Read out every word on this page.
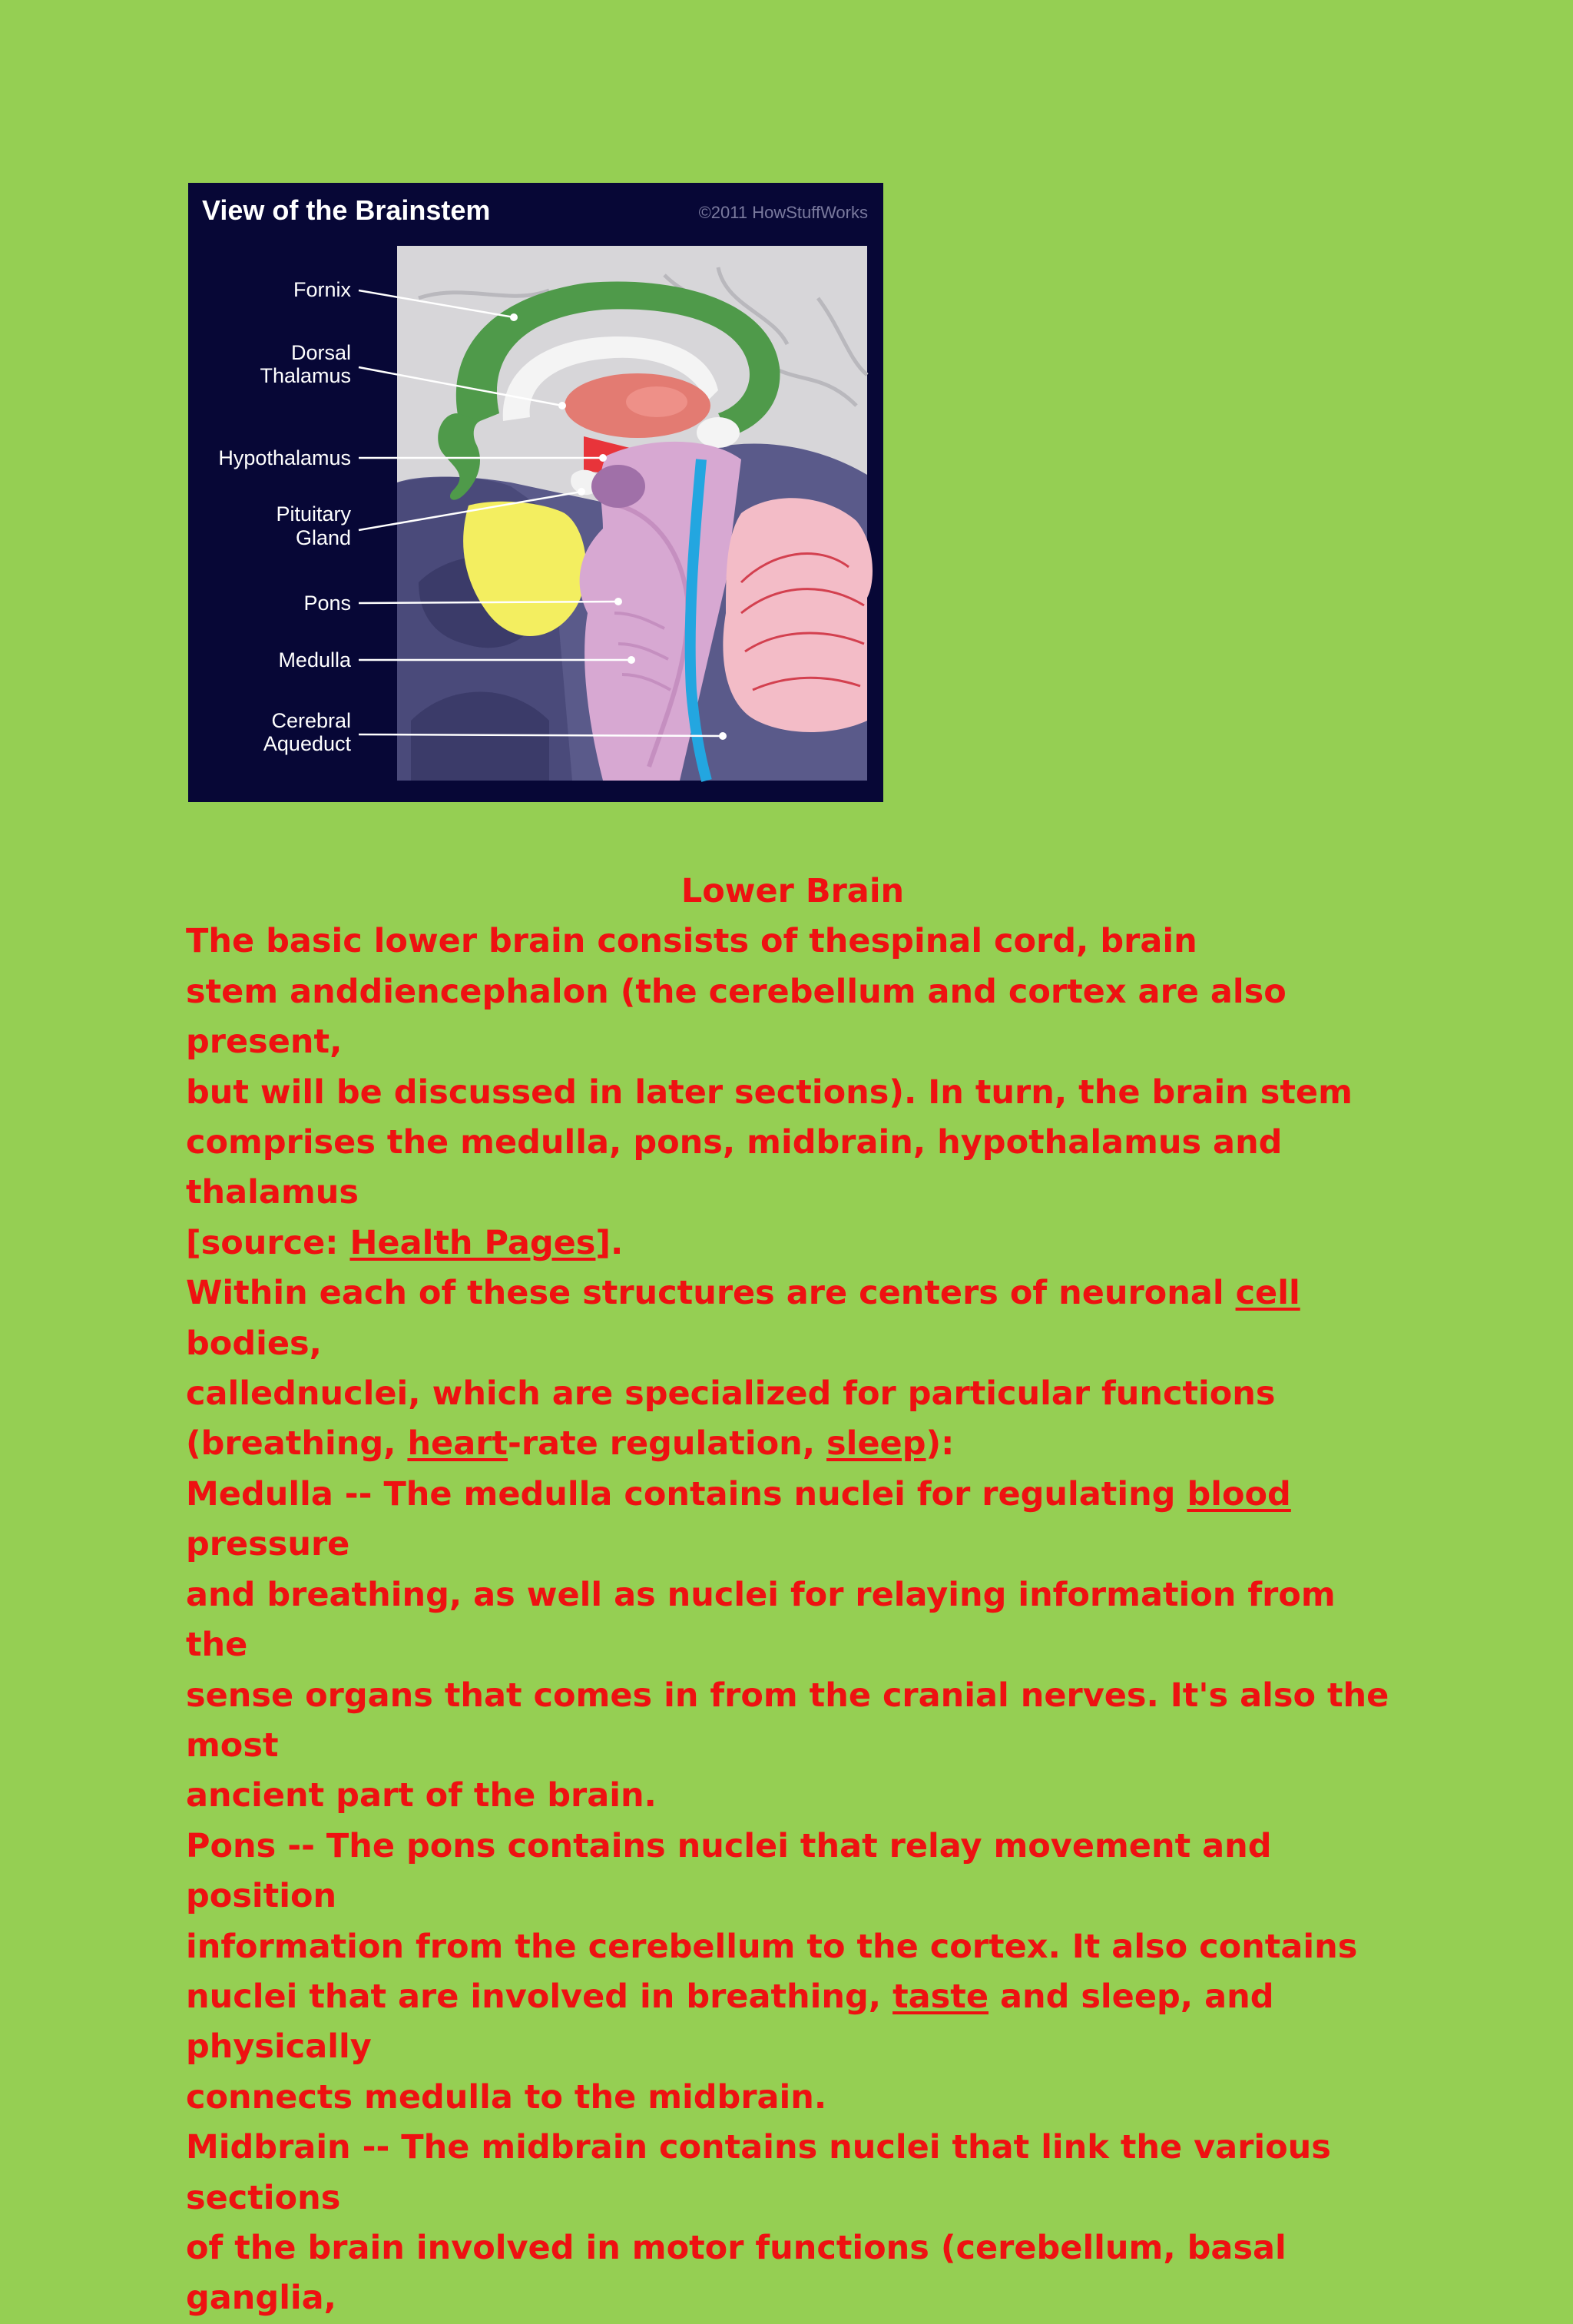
View of the Brainstem	©2011 HowStuffWorks
Fornix
Dorsal
Thalamus
Hypothalamus
Pituitary
Gland
Pons
Medulla
Cerebral
Aqueduct

Lower Brain

The basic lower brain consists of thespinal cord, brain

stem anddiencephalon (the cerebellum and cortex are also present,

but will be discussed in later sections). In turn, the brain stem

comprises the medulla, pons, midbrain, hypothalamus and thalamus

[source: Health Pages].

Within each of these structures are centers of neuronal cell bodies,

callednuclei, which are specialized for particular functions

(breathing, heart-rate regulation, sleep):

Medulla -- The medulla contains nuclei for regulating blood pressure

and breathing, as well as nuclei for relaying information from the

sense organs that comes in from the cranial nerves. It's also the most

ancient part of the brain.

Pons -- The pons contains nuclei that relay movement and position

information from the cerebellum to the cortex. It also contains

nuclei that are involved in breathing, taste and sleep, and physically

connects medulla to the midbrain.

Midbrain -- The midbrain contains nuclei that link the various sections

of the brain involved in motor functions (cerebellum, basal ganglia,
